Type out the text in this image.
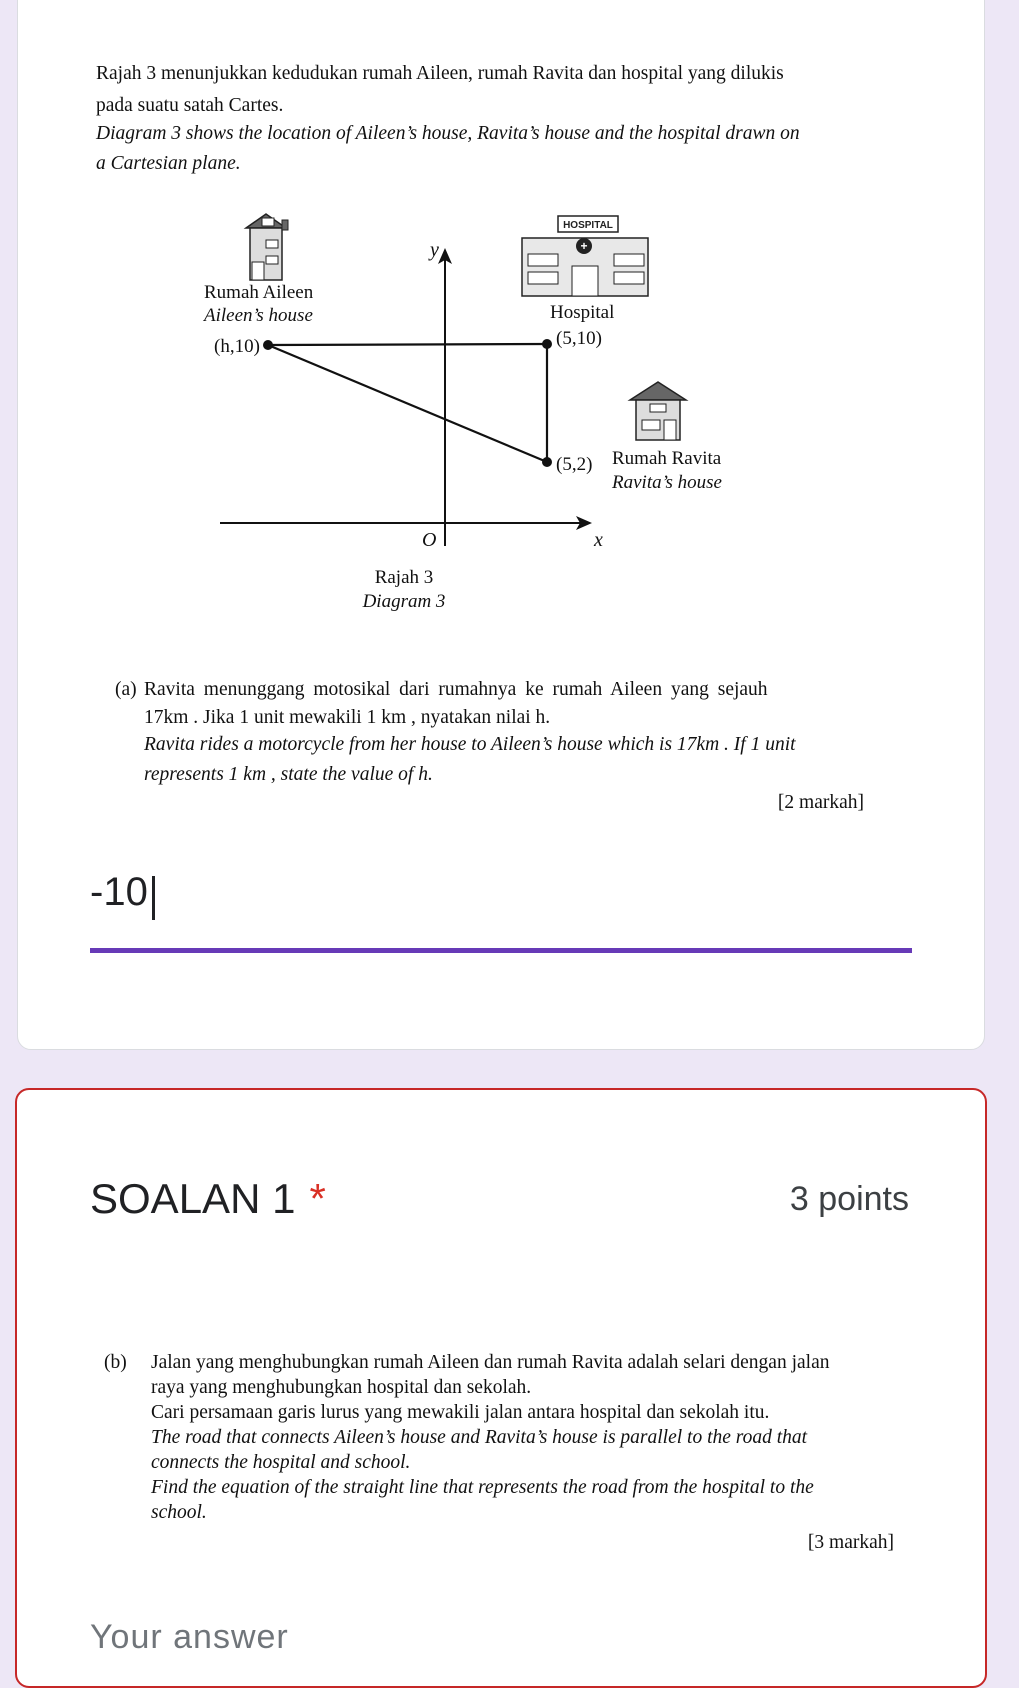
Rajah 3 menunjukkan kedudukan rumah Aileen, rumah Ravita dan hospital yang dilukis
pada suatu satah Cartes.
Diagram 3 shows the location of Aileen’s house, Ravita’s house and the hospital drawn on
a Cartesian plane.
HOSPITAL
+
y
x
O
Rumah Aileen
Aileen’s house
(h,10)
Hospital
(5,10)
(5,2) Rumah Ravita
Ravita’s house
Rajah 3
Diagram 3
(a) Ravita menunggang motosikal dari rumahnya ke rumah Aileen yang sejauh
17km . Jika 1 unit mewakili 1 km , nyatakan nilai h.
Ravita rides a motorcycle from her house to Aileen’s house which is 17km . If 1 unit
represents 1 km , state the value of h.
[2 markah]
-10
SOALAN 1 *	3 points
(b) Jalan yang menghubungkan rumah Aileen dan rumah Ravita adalah selari dengan jalan
raya yang menghubungkan hospital dan sekolah.
Cari persamaan garis lurus yang mewakili jalan antara hospital dan sekolah itu.
The road that connects Aileen’s house and Ravita’s house is parallel to the road that
connects the hospital and school.
Find the equation of the straight line that represents the road from the hospital to the
school.
[3 markah]
Your answer
